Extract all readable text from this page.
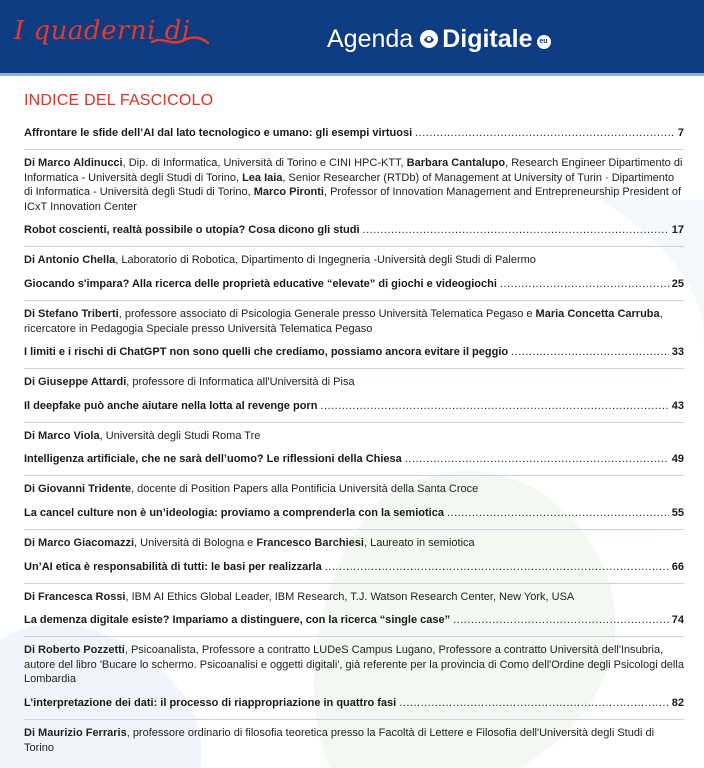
I quaderni di	Agenda Digitale eu
INDICE DEL FASCICOLO
Affrontare le sfide dell’AI dal lato tecnologico e umano: gli esempi virtuosi .....	7
Di Marco Aldinucci, Dip. di Informatica, Università di Torino e CINI HPC-KTT, Barbara Cantalupo, Research Engineer Dipartimento di Informatica - Università degli Studi di Torino, Lea Iaia, Senior Researcher (RTDb) of Management at University of Turin · Dipartimento di Informatica - Università degli Studi di Torino, Marco Pironti, Professor of Innovation Management and Entrepreneurship President of ICxT Innovation Center
Robot coscienti, realtà possibile o utopia? Cosa dicono gli studi .....	17
Di Antonio Chella, Laboratorio di Robotica, Dipartimento di Ingegneria -Università degli Studi di Palermo
Giocando s'impara? Alla ricerca delle proprietà educative “elevate” di giochi e videogiochi .....	25
Di Stefano Triberti, professore associato di Psicologia Generale presso Università Telematica Pegaso e Maria Concetta Carruba, ricercatore in Pedagogia Speciale presso Università Telematica Pegaso
I limiti e i rischi di ChatGPT non sono quelli che crediamo, possiamo ancora evitare il peggio .....	33
Di Giuseppe Attardi, professore di Informatica all'Università di Pisa
Il deepfake può anche aiutare nella lotta al revenge porn .....	43
Di Marco Viola, Università degli Studi Roma Tre
Intelligenza artificiale, che ne sarà dell’uomo? Le riflessioni della Chiesa .....	49
Di Giovanni Tridente, docente di Position Papers alla Pontificia Università della Santa Croce
La cancel culture non è un’ideologia: proviamo a comprenderla con la semiotica .....	55
Di Marco Giacomazzi, Università di Bologna e Francesco Barchiesi, Laureato in semiotica
Un’AI etica è responsabilità di tutti: le basi per realizzarla .....	66
Di Francesca Rossi, IBM AI Ethics Global Leader, IBM Research, T.J. Watson Research Center, New York, USA
La demenza digitale esiste? Impariamo a distinguere, con la ricerca “single case” .....	74
Di Roberto Pozzetti, Psicoanalista, Professore a contratto LUDeS Campus Lugano, Professore a contratto Università dell'Insubria, autore del libro 'Bucare lo schermo. Psicoanalisi e oggetti digitali', già referente per la provincia di Como dell'Ordine degli Psicologi della Lombardia
L’interpretazione dei dati: il processo di riappropriazione in quattro fasi .....	82
Di Maurizio Ferraris, professore ordinario di filosofia teoretica presso la Facoltà di Lettere e Filosofia dell'Università degli Studi di Torino
